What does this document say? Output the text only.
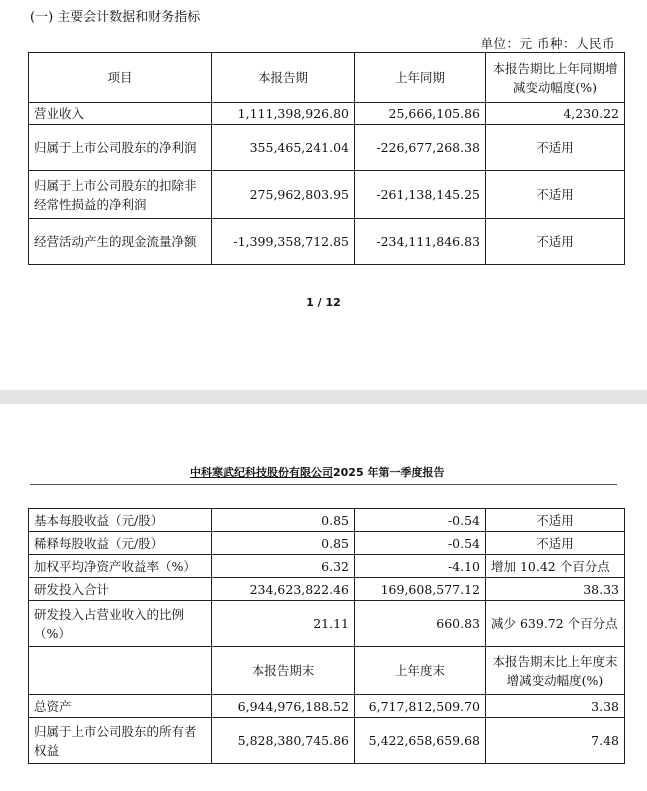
(一) 主要会计数据和财务指标
单位：元 币种：人民币
项目	本报告期	上年同期	本报告期比上年同期增减变动幅度(%)
营业收入	1,111,398,926.80	25,666,105.86	4,230.22
归属于上市公司股东的净利润	355,465,241.04	-226,677,268.38	不适用
归属于上市公司股东的扣除非经常性损益的净利润	275,962,803.95	-261,138,145.25	不适用
经营活动产生的现金流量净额	-1,399,358,712.85	-234,111,846.83	不适用
1 / 12
中科寒武纪科技股份有限公司2025 年第一季度报告
基本每股收益（元/股）	0.85	-0.54	不适用
稀释每股收益（元/股）	0.85	-0.54	不适用
加权平均净资产收益率（%）	6.32	-4.10	增加 10.42 个百分点
研发投入合计	234,623,822.46	169,608,577.12	38.33
研发投入占营业收入的比例（%）	21.11	660.83	减少 639.72 个百分点
	本报告期末	上年度末	本报告期末比上年度末增减变动幅度(%)
总资产	6,944,976,188.52	6,717,812,509.70	3.38
归属于上市公司股东的所有者权益	5,828,380,745.86	5,422,658,659.68	7.48
